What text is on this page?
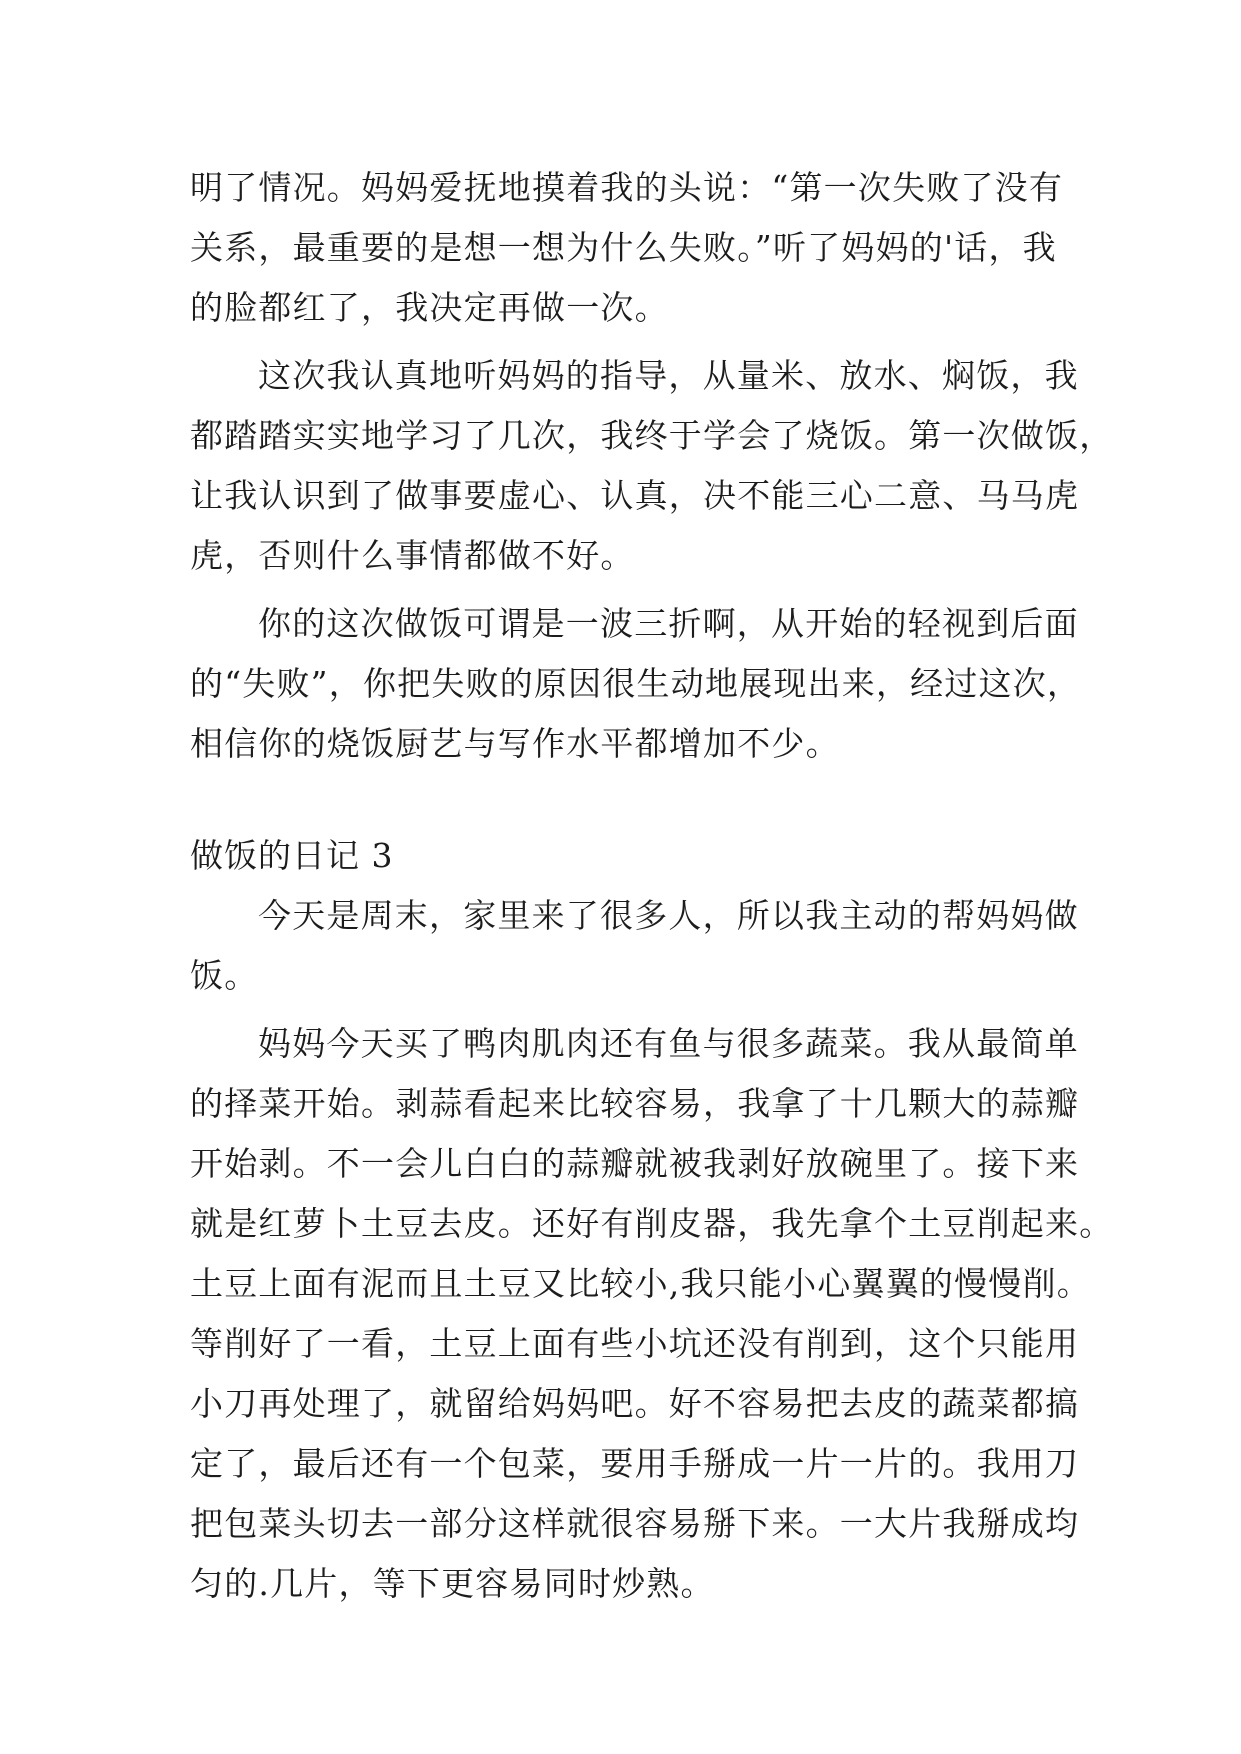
明了情况。妈妈爱抚地摸着我的头说：“第一次失败了没有
关系，最重要的是想一想为什么失败。”听了妈妈的'话，我
的脸都红了，我决定再做一次。
这次我认真地听妈妈的指导，从量米、放水、焖饭，我
都踏踏实实地学习了几次，我终于学会了烧饭。第一次做饭，
让我认识到了做事要虚心、认真，决不能三心二意、马马虎
虎，否则什么事情都做不好。
你的这次做饭可谓是一波三折啊，从开始的轻视到后面
的“失败”，你把失败的原因很生动地展现出来，经过这次，
相信你的烧饭厨艺与写作水平都增加不少。
做饭的日记 3
今天是周末，家里来了很多人，所以我主动的帮妈妈做
饭。
妈妈今天买了鸭肉肌肉还有鱼与很多蔬菜。我从最简单
的择菜开始。剥蒜看起来比较容易，我拿了十几颗大的蒜瓣
开始剥。不一会儿白白的蒜瓣就被我剥好放碗里了。接下来
就是红萝卜土豆去皮。还好有削皮器，我先拿个土豆削起来。
土豆上面有泥而且土豆又比较小,我只能小心翼翼的慢慢削。
等削好了一看，土豆上面有些小坑还没有削到，这个只能用
小刀再处理了，就留给妈妈吧。好不容易把去皮的蔬菜都搞
定了，最后还有一个包菜，要用手掰成一片一片的。我用刀
把包菜头切去一部分这样就很容易掰下来。一大片我掰成均
匀的.几片，等下更容易同时炒熟。
